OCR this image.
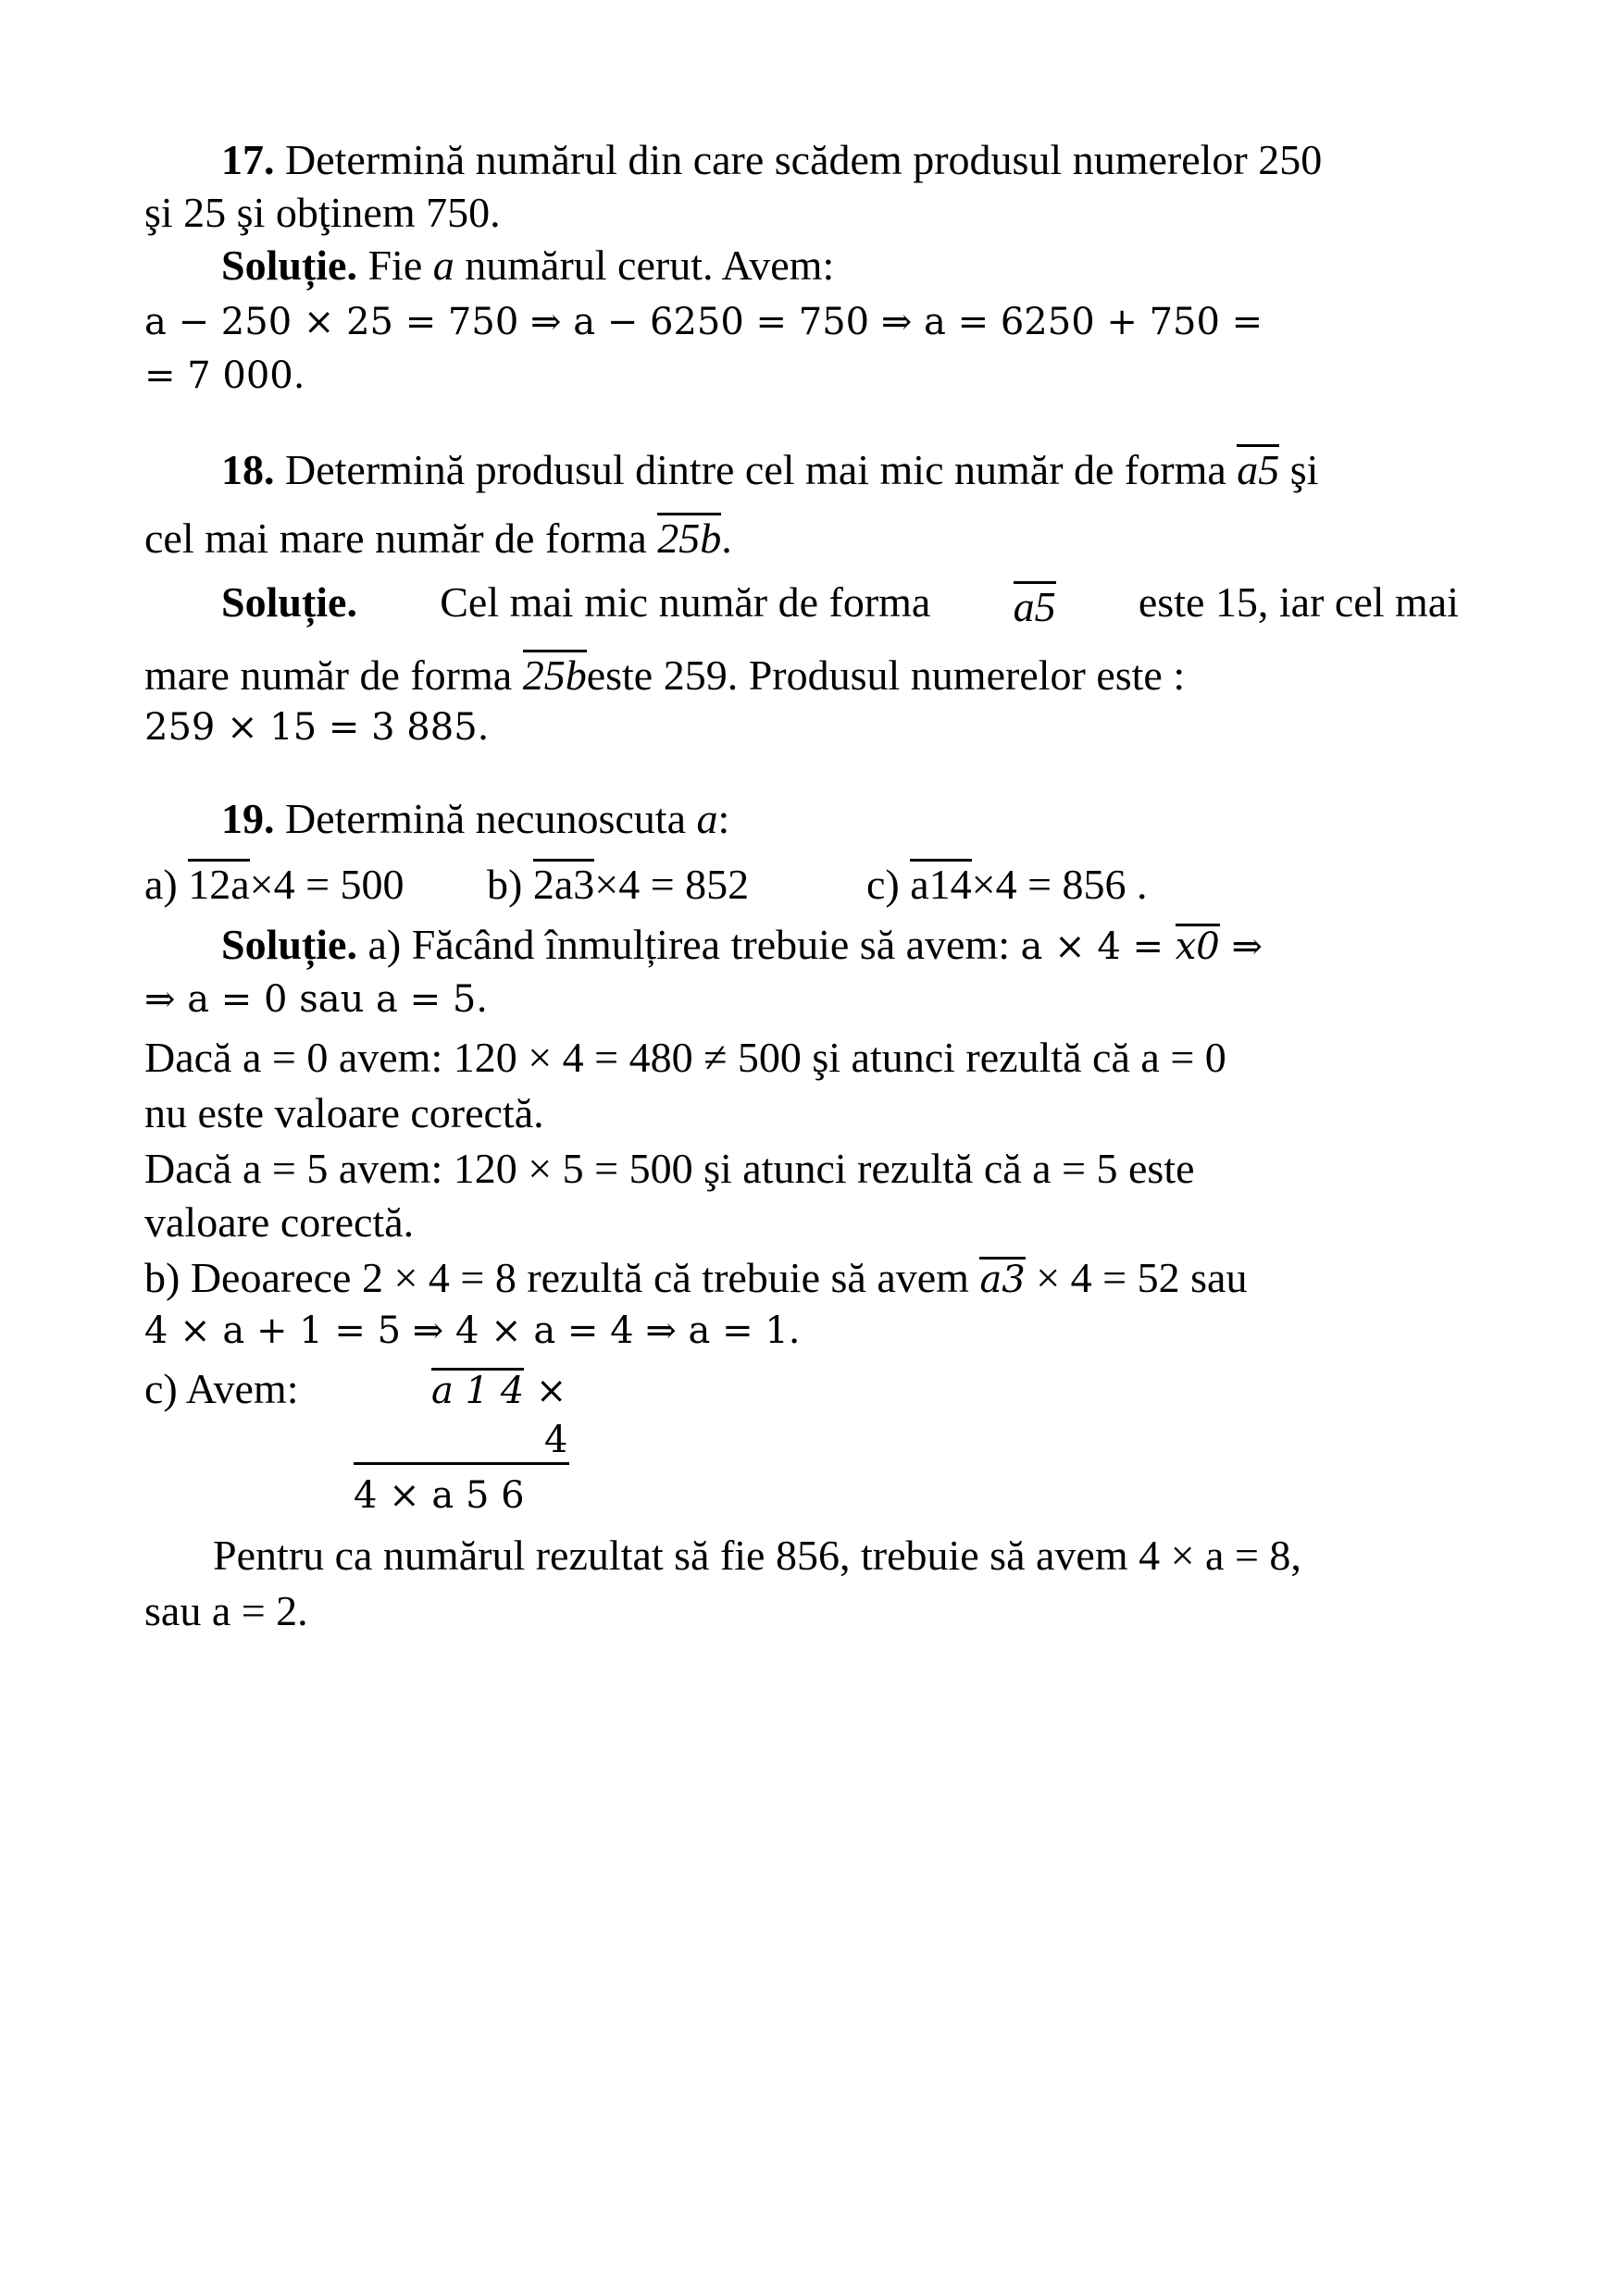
17. Determină numărul din care scădem produsul numerelor 250
şi 25 şi obţinem 750.
Soluție. Fie a numărul cerut. Avem:
a − 250 × 25 = 750 ⇒ a − 6250 = 750 ⇒ a = 6250 + 750 =
= 7 000.
18. Determină produsul dintre cel mai mic număr de forma a5 şi
cel mai mare număr de forma 25b.
Soluție. Cel mai mic număr de forma a5 este 15, iar cel mai
mare număr de forma 25beste 259. Produsul numerelor este :
259 × 15 = 3 885.
19. Determină necunoscuta a:
a) 12a×4 = 500 b) 2a3×4 = 852	c) a14×4 = 856 .
Soluție. a) Făcând înmulțirea trebuie să avem: a × 4 = x0 ⇒
⇒ a = 0 sau a = 5.
Dacă a = 0 avem: 120 × 4 = 480 ≠ 500 şi atunci rezultă că a = 0
nu este valoare corectă.
Dacă a = 5 avem: 120 × 5 = 500 şi atunci rezultă că a = 5 este
valoare corectă.
b) Deoarece 2 × 4 = 8 rezultă că trebuie să avem a3 × 4 = 52 sau
4 × a + 1 = 5 ⇒ 4 × a = 4 ⇒ a = 1.
c) Avem:	a 1 4 ×
4
4 × a 5 6
Pentru ca numărul rezultat să fie 856, trebuie să avem 4 × a = 8,
sau a = 2.
